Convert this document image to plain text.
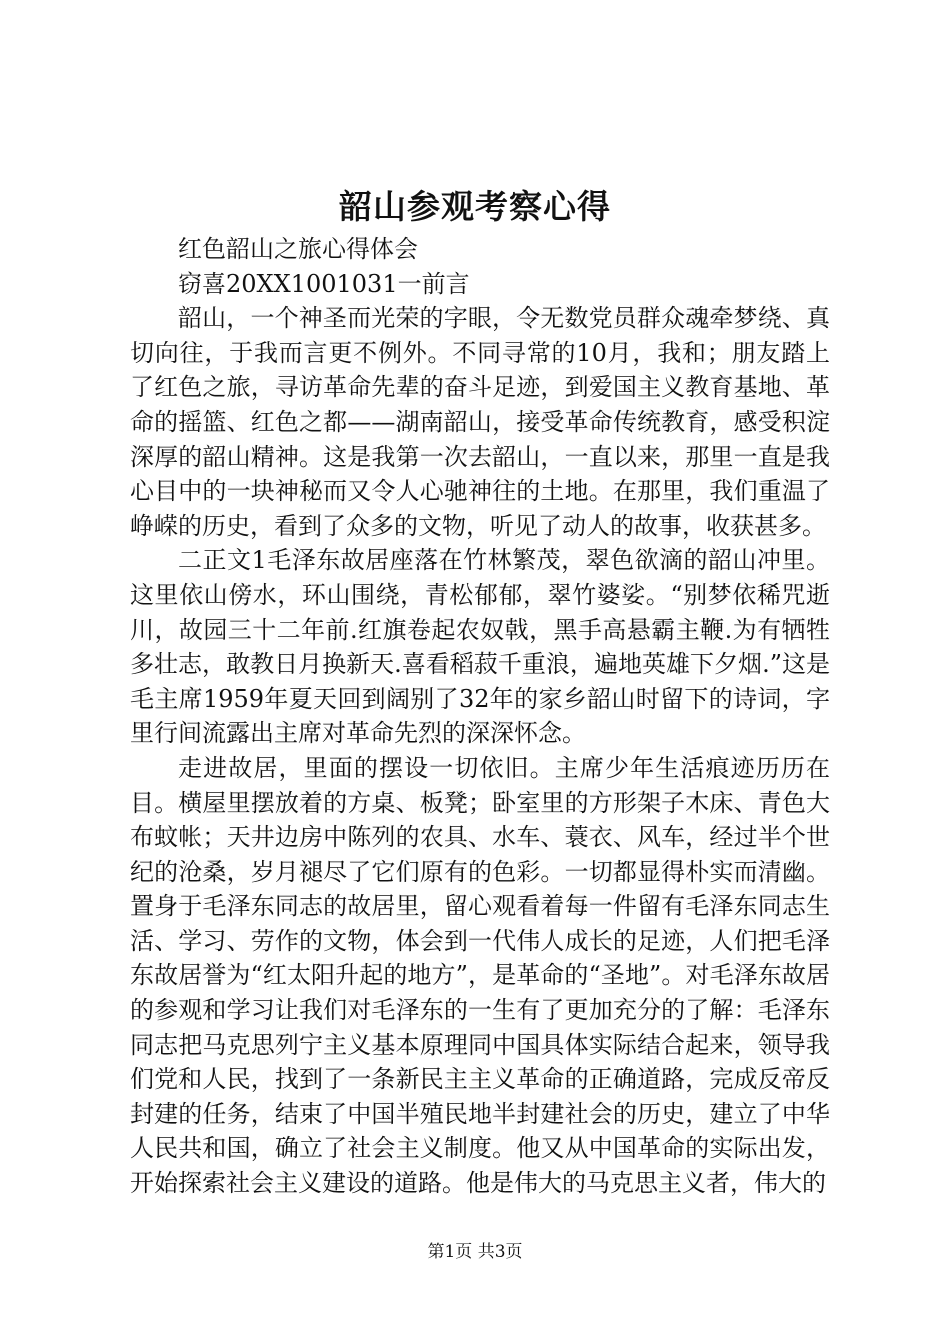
韶山参观考察心得

红色韶山之旅心得体会

窃喜20XX1001031一前言

韶山，一个神圣而光荣的字眼，令无数党员群众魂牵梦绕、真切向往，于我而言更不例外。不同寻常的10月，我和；朋友踏上了红色之旅，寻访革命先辈的奋斗足迹，到爱国主义教育基地、革命的摇篮、红色之都——湖南韶山，接受革命传统教育，感受积淀深厚的韶山精神。这是我第一次去韶山，一直以来，那里一直是我心目中的一块神秘而又令人心驰神往的土地。在那里，我们重温了峥嵘的历史，看到了众多的文物，听见了动人的故事，收获甚多。

二正文1毛泽东故居座落在竹林繁茂，翠色欲滴的韶山冲里。这里依山傍水，环山围绕，青松郁郁，翠竹婆娑。“别梦依稀咒逝川，故园三十二年前.红旗卷起农奴戟，黑手高悬霸主鞭.为有牺牲多壮志，敢教日月换新天.喜看稻菽千重浪，遍地英雄下夕烟.”这是毛主席1959年夏天回到阔别了32年的家乡韶山时留下的诗词，字里行间流露出主席对革命先烈的深深怀念。

走进故居，里面的摆设一切依旧。主席少年生活痕迹历历在目。横屋里摆放着的方桌、板凳；卧室里的方形架子木床、青色大布蚊帐；天井边房中陈列的农具、水车、蓑衣、风车，经过半个世纪的沧桑，岁月褪尽了它们原有的色彩。一切都显得朴实而清幽。置身于毛泽东同志的故居里，留心观看着每一件留有毛泽东同志生活、学习、劳作的文物，体会到一代伟人成长的足迹，人们把毛泽东故居誉为“红太阳升起的地方”，是革命的“圣地”。对毛泽东故居的参观和学习让我们对毛泽东的一生有了更加充分的了解：毛泽东同志把马克思列宁主义基本原理同中国具体实际结合起来，领导我们党和人民，找到了一条新民主主义革命的正确道路，完成反帝反封建的任务，结束了中国半殖民地半封建社会的历史，建立了中华人民共和国，确立了社会主义制度。他又从中国革命的实际出发，开始探索社会主义建设的道路。他是伟大的马克思主义者，伟大的

第1页 共3页
